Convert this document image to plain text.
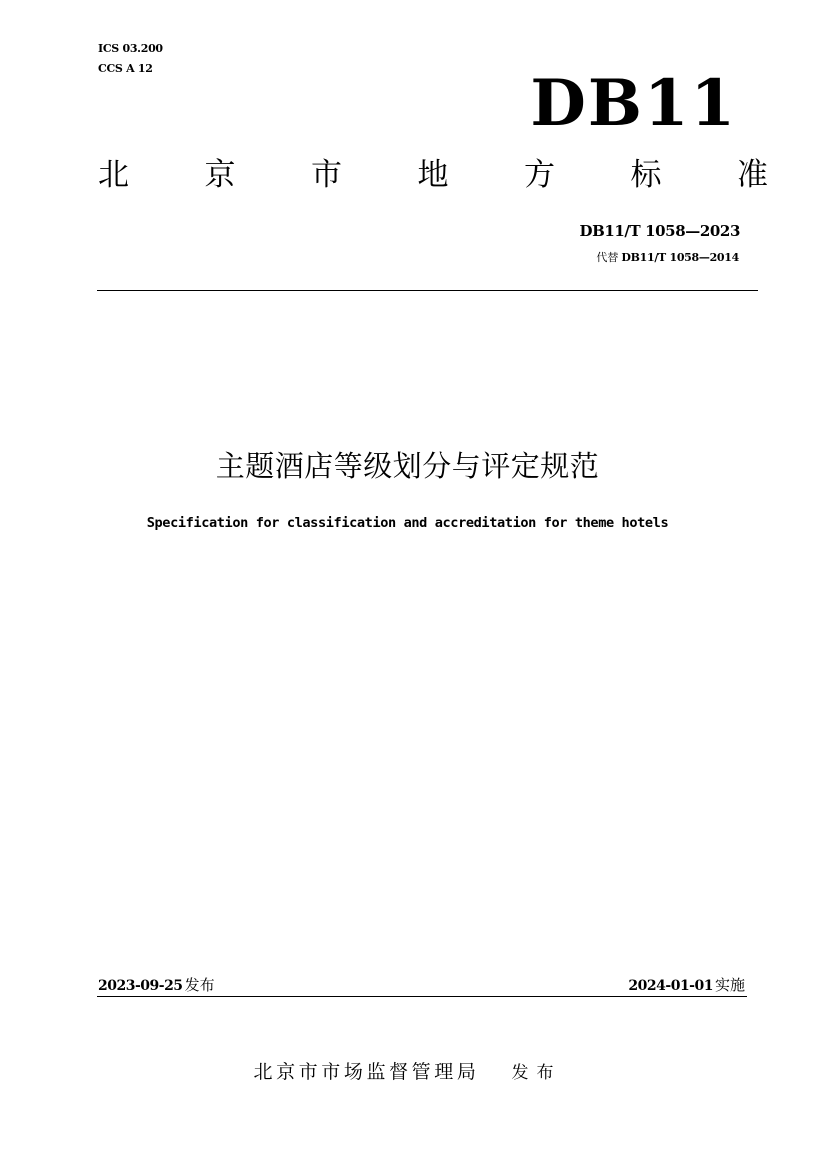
ICS 03.200
CCS A 12	DB11
北 京 市 地 方 标 准
DB11/T 1058—2023
代替 DB11/T 1058—2014
主题酒店等级划分与评定规范
Specification for classification and accreditation for theme hotels
2023-09-25 发布	2024-01-01 实施
北京市市场监督管理局 发布
